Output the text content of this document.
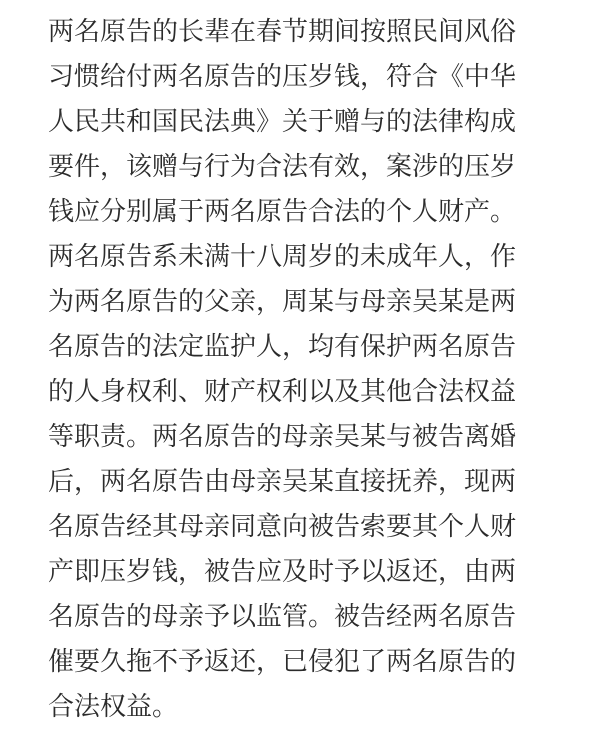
两名原告的长辈在春节期间按照民间风俗
习惯给付两名原告的压岁钱，符合《中华
人民共和国民法典》关于赠与的法律构成
要件，该赠与行为合法有效，案涉的压岁
钱应分别属于两名原告合法的个人财产。
两名原告系未满十八周岁的未成年人，作
为两名原告的父亲，周某与母亲吴某是两
名原告的法定监护人，均有保护两名原告
的人身权利、财产权利以及其他合法权益
等职责。两名原告的母亲吴某与被告离婚
后，两名原告由母亲吴某直接抚养，现两
名原告经其母亲同意向被告索要其个人财
产即压岁钱，被告应及时予以返还，由两
名原告的母亲予以监管。被告经两名原告
催要久拖不予返还，已侵犯了两名原告的
合法权益。
